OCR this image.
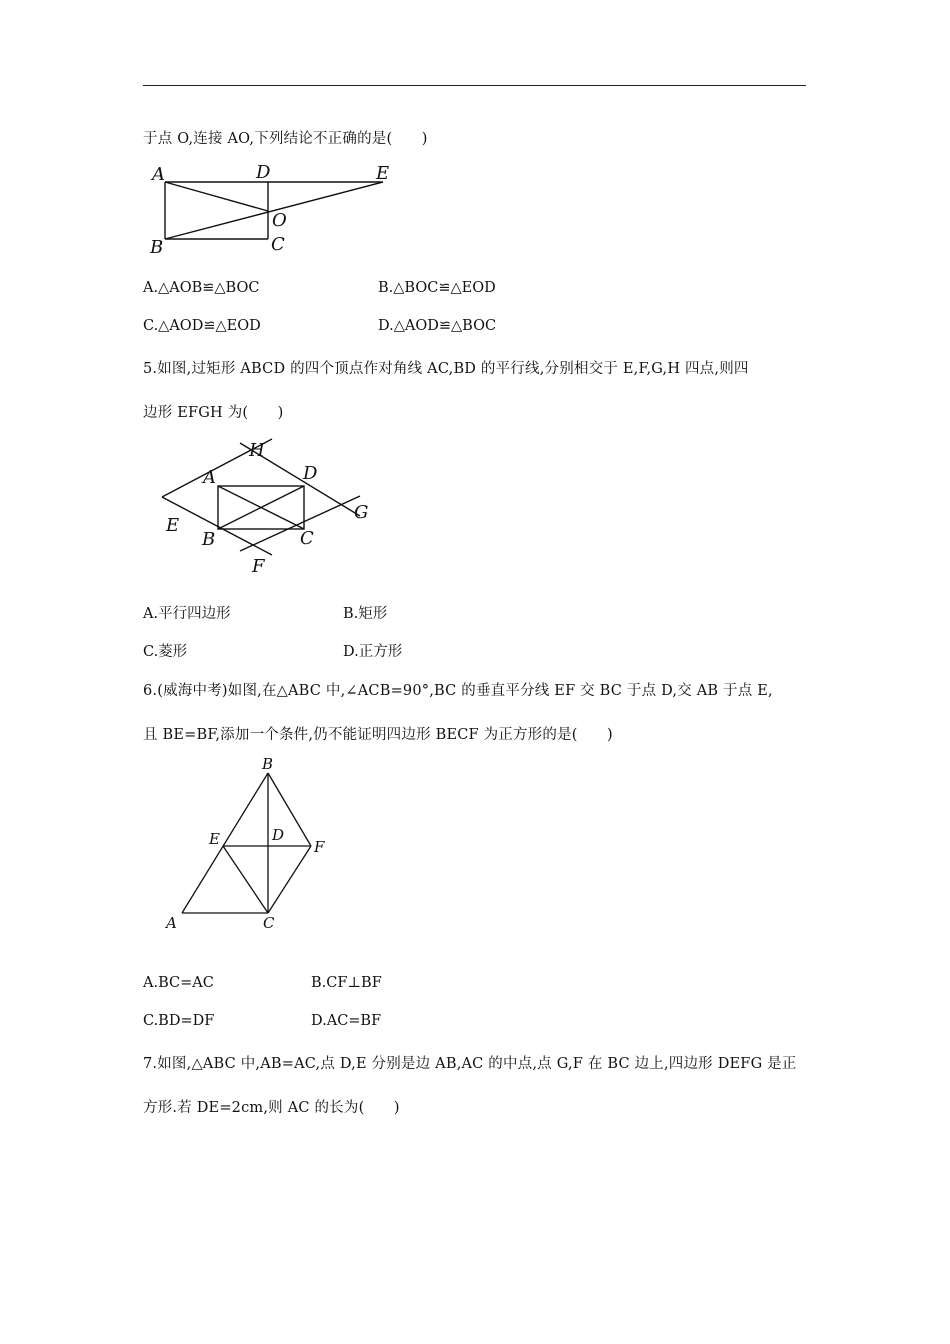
于点 O,连接 AO,下列结论不正确的是(　　)
A	D	E
O
B	C
A.△AOB≌△BOC	B.△BOC≌△EOD
C.△AOD≌△EOD	D.△AOD≌△BOC
5.如图,过矩形 ABCD 的四个顶点作对角线 AC,BD 的平行线,分别相交于 E,F,G,H 四点,则四
边形 EFGH 为(　　)
H
A	D
G
E
B	C
F
A.平行四边形	B.矩形
C.菱形	D.正方形
6.(威海中考)如图,在△ABC 中,∠ACB=90°,BC 的垂直平分线 EF 交 BC 于点 D,交 AB 于点 E,
且 BE=BF,添加一个条件,仍不能证明四边形 BECF 为正方形的是(　　)
B
E	D
F
A	C
A.BC=AC	B.CF⊥BF
C.BD=DF	D.AC=BF
7.如图,△ABC 中,AB=AC,点 D,E 分别是边 AB,AC 的中点,点 G,F 在 BC 边上,四边形 DEFG 是正
方形.若 DE=2cm,则 AC 的长为(　　)
